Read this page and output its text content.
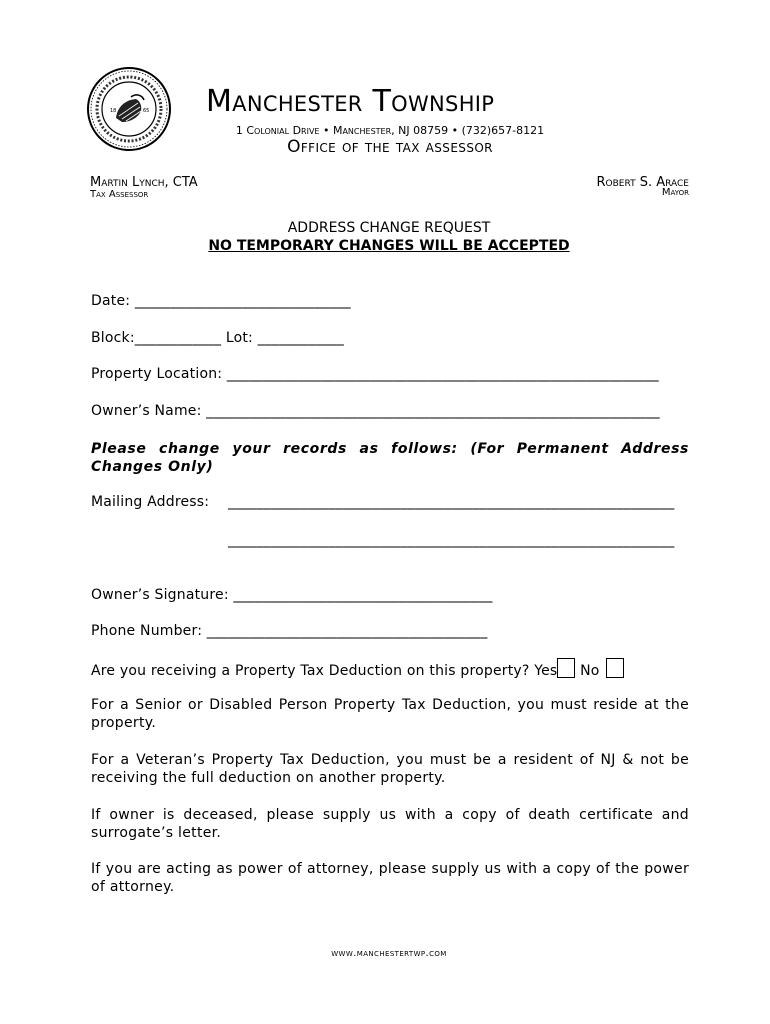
18	65 Manchester Township
1 Colonial Drive • Manchester, NJ 08759 • (732)657-8121
Office of the tax assessor
Martin Lynch, CTA
Tax Assessor
Robert S. Arace
Mayor
ADDRESS CHANGE REQUEST
NO TEMPORARY CHANGES WILL BE ACCEPTED
Date: ______________________________
Block:____________ Lot: ____________
Property Location: ____________________________________________________________
Owner’s Name: _______________________________________________________________
Please change your records as follows: (For Permanent Address Changes Only)
Mailing Address: ______________________________________________________________
______________________________________________________________
Owner’s Signature: ____________________________________
Phone Number: _______________________________________
Are you receiving a Property Tax Deduction on this property? Yes No
For a Senior or Disabled Person Property Tax Deduction, you must reside at the property.
For a Veteran’s Property Tax Deduction, you must be a resident of NJ & not be receiving the full deduction on another property.
If owner is deceased, please supply us with a copy of death certificate and surrogate’s letter.
If you are acting as power of attorney, please supply us with a copy of the power of attorney.
www.manchestertwp.com
